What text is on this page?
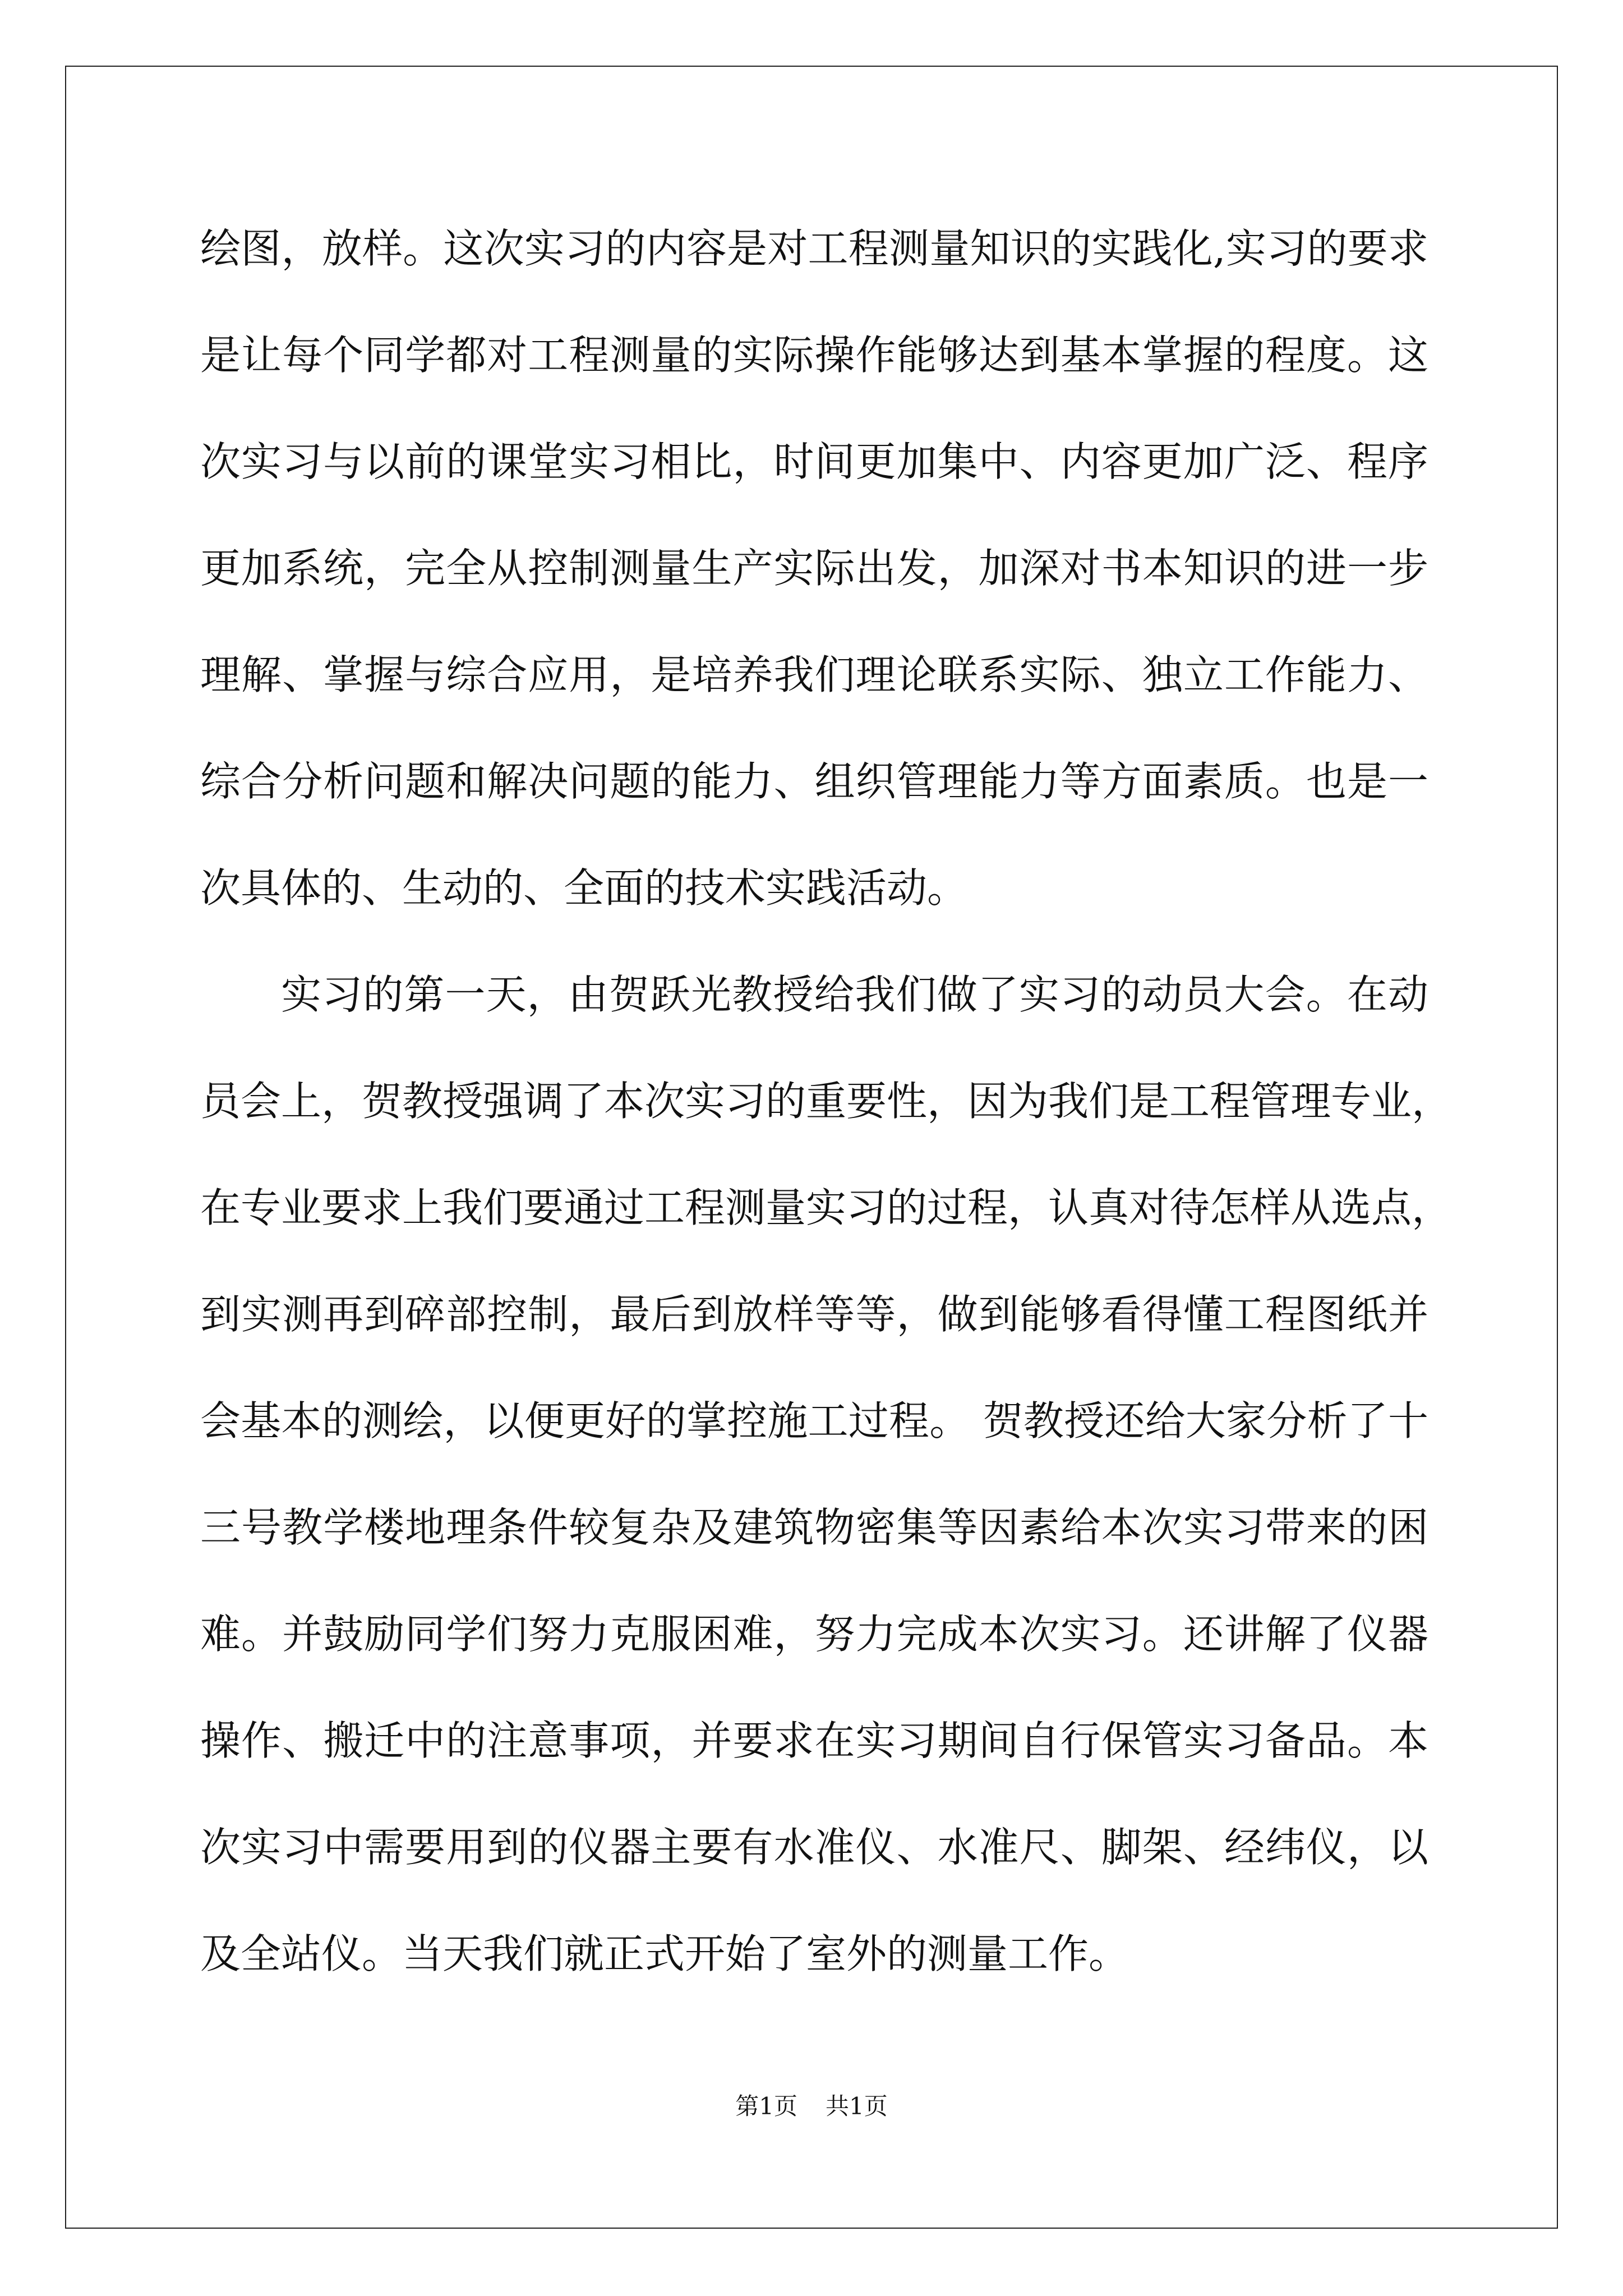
绘图，放样。这次实习的内容是对工程测量知识的实践化,实习的要求
是让每个同学都对工程测量的实际操作能够达到基本掌握的程度。这
次实习与以前的课堂实习相比，时间更加集中、内容更加广泛、程序
更加系统，完全从控制测量生产实际出发，加深对书本知识的进一步
理解、掌握与综合应用，是培养我们理论联系实际、独立工作能力、
综合分析问题和解决问题的能力、组织管理能力等方面素质。也是一
次具体的、生动的、全面的技术实践活动。
实习的第一天，由贺跃光教授给我们做了实习的动员大会。在动
员会上，贺教授强调了本次实习的重要性，因为我们是工程管理专业，
在专业要求上我们要通过工程测量实习的过程，认真对待怎样从选点，
到实测再到碎部控制，最后到放样等等，做到能够看得懂工程图纸并
会基本的测绘，以便更好的掌控施工过程。 贺教授还给大家分析了十
三号教学楼地理条件较复杂及建筑物密集等因素给本次实习带来的困
难。并鼓励同学们努力克服困难，努力完成本次实习。还讲解了仪器
操作、搬迁中的注意事项，并要求在实习期间自行保管实习备品。本
次实习中需要用到的仪器主要有水准仪、水准尺、脚架、经纬仪，以
及全站仪。当天我们就正式开始了室外的测量工作。
第1页 共1页
